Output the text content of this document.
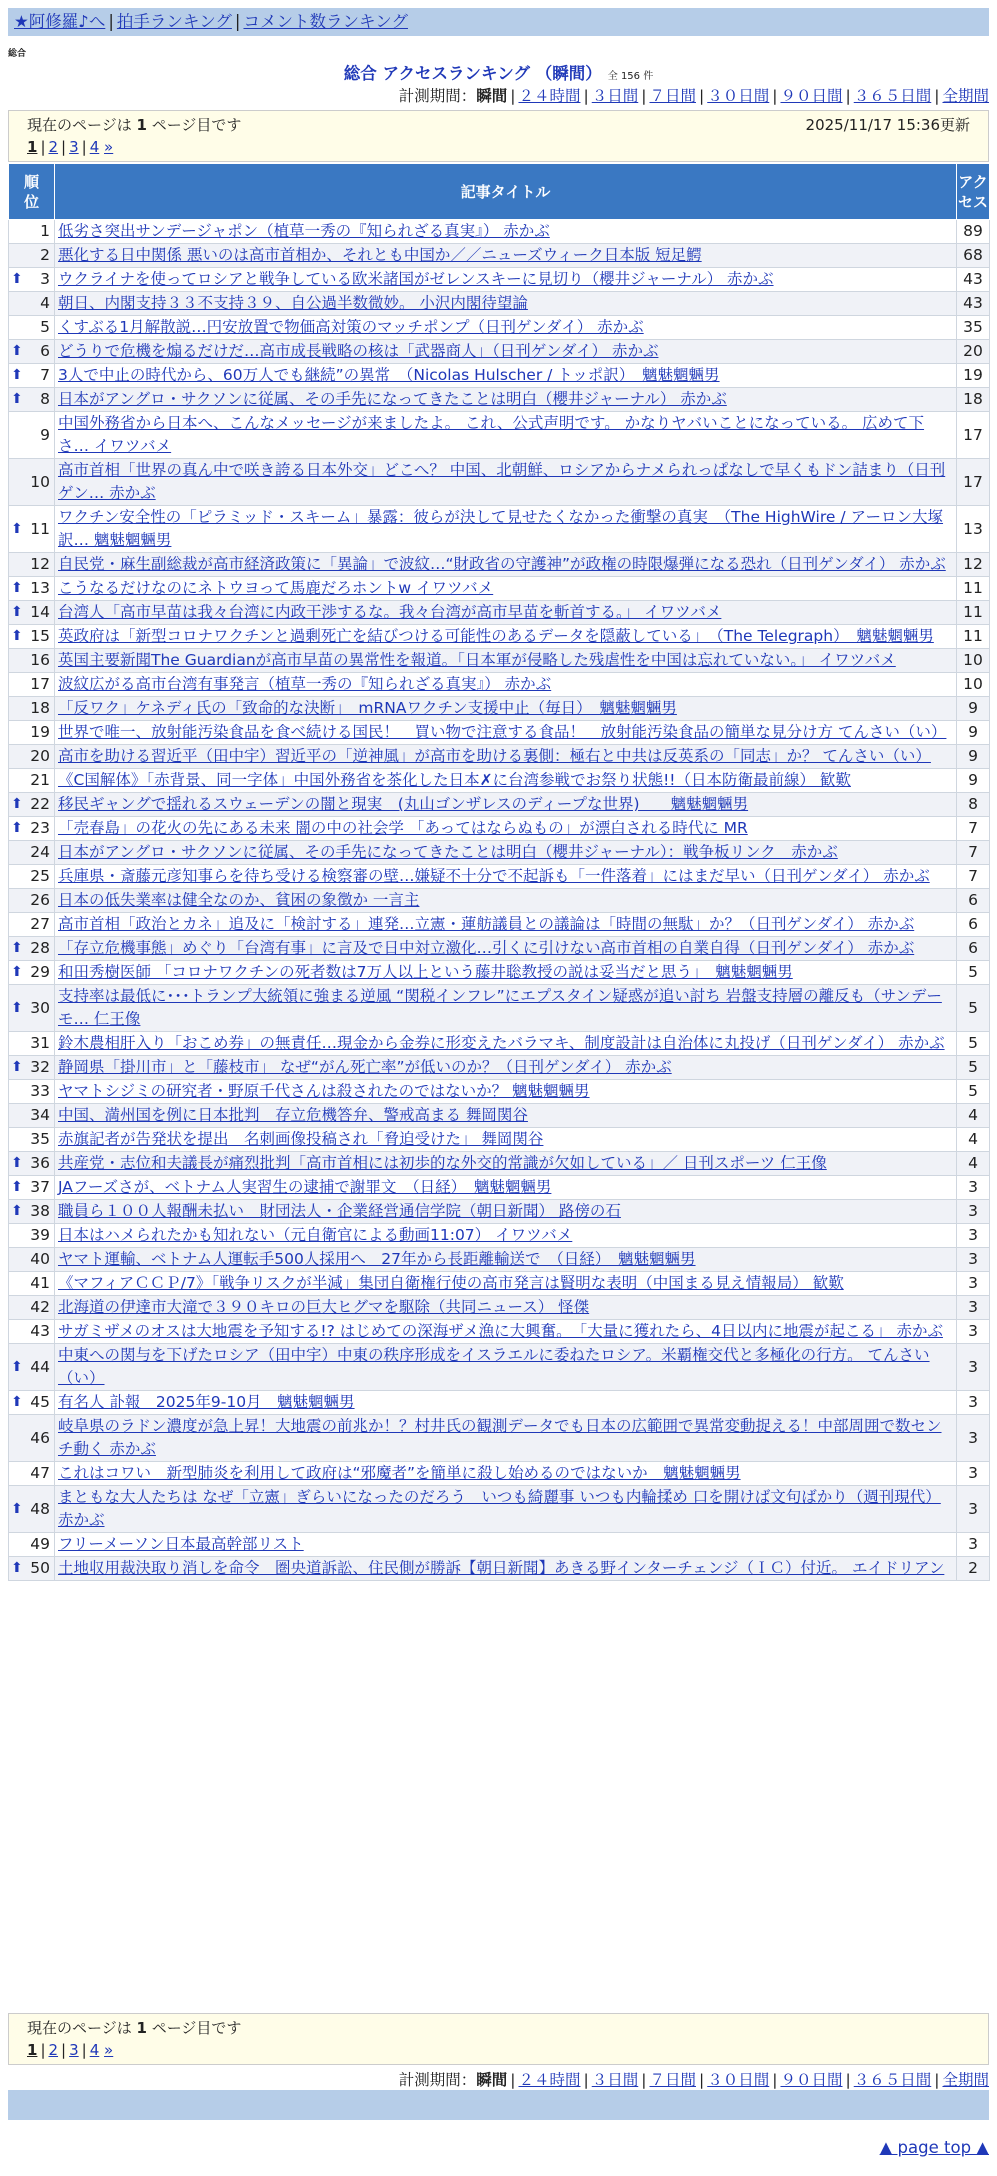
★阿修羅♪へ | 拍手ランキング | コメント数ランキング
総合
総合 アクセスランキング （瞬間） 全 156 件
計測期間：瞬間 | ２４時間 | ３日間 | ７日間 | ３０日間 | ９０日間 | ３６５日間 | 全期間
現在のページは 1 ページ目です	2025/11/17 15:36更新
1 | 2 | 3 | 4 »
順位	記事タイトル	アクセス
1	低劣さ突出サンデージャポン（植草一秀の『知られざる真実』） 赤かぶ	89
2	悪化する日中関係 悪いのは高市首相か、それとも中国か／／ニューズウィーク日本版 短足鰐	68

⬆ 3	ウクライナを使ってロシアと戦争している欧米諸国がゼレンスキーに見切り（櫻井ジャーナル） 赤かぶ	43
4	朝日、内閣支持３３不支持３９、自公過半数微妙。 小沢内閣待望論	43
5	くすぶる1月解散説…円安放置で物価高対策のマッチポンプ（日刊ゲンダイ） 赤かぶ	35

⬆ 6	どうりで危機を煽るだけだ…高市成長戦略の核は「武器商人」（日刊ゲンダイ） 赤かぶ	20

⬆ 7	3人で中止の時代から、60万人でも継続”の異常　（Nicolas Hulscher / トッポ訳）　魑魅魍魎男	19

⬆ 8	日本がアングロ・サクソンに従属、その手先になってきたことは明白（櫻井ジャーナル） 赤かぶ	18
9	中国外務省から日本へ、こんなメッセージが来ましたよ。 これ、公式声明です。 かなりヤバいことになっている。 広めて下さ… イワツバメ	17
10	高市首相「世界の真ん中で咲き誇る日本外交」どこへ？ 中国、北朝鮮、ロシアからナメられっぱなしで早くもドン詰まり（日刊ゲン… 赤かぶ	17

⬆ 11	ワクチン安全性の「ピラミッド・スキーム」暴露：彼らが決して見せたくなかった衝撃の真実　（The HighWire / アーロン大塚訳… 魑魅魍魎男	13
12	自民党・麻生副総裁が高市経済政策に「異論」で波紋…“財政省の守護神”が政権の時限爆弾になる恐れ（日刊ゲンダイ） 赤かぶ	12

⬆ 13	こうなるだけなのにネトウヨって馬鹿だろホントw イワツバメ	11

⬆ 14	台湾人「高市早苗は我々台湾に内政干渉するな。我々台湾が高市早苗を斬首する。」 イワツバメ	11

⬆ 15	英政府は「新型コロナワクチンと過剰死亡を結びつける可能性のあるデータを隠蔽している」　（The Telegraph）　魑魅魍魎男	11
16	英国主要新聞The Guardianが高市早苗の異常性を報道。「日本軍が侵略した残虐性を中国は忘れていない。」 イワツバメ	10
17	波紋広がる高市台湾有事発言（植草一秀の『知られざる真実』） 赤かぶ	10
18	「反ワク」ケネディ氏の「致命的な決断」　mRNAワクチン支援中止（毎日）　魑魅魍魎男	9
19	世界で唯一、放射能汚染食品を食べ続ける国民！　買い物で注意する食品！　放射能汚染食品の簡単な見分け方 てんさい（い）	9
20	高市を助ける習近平（田中宇）習近平の「逆神風」が高市を助ける裏側：極右と中共は反英系の「同志」か？ てんさい（い）	9
21	《C国解体》「赤背景、同一字体」中国外務省を茶化した日本✗に台湾参戦でお祭り状態!!（日本防衛最前線） 歓歎	9

⬆ 22	移民ギャングで揺れるスウェーデンの闇と現実　(丸山ゴンザレスのディープな世界)　　魑魅魍魎男	8

⬆ 23	「売春島」の花火の先にある未来 闇の中の社会学 「あってはならぬもの」が漂白される時代に MR	7
24	日本がアングロ・サクソンに従属、その手先になってきたことは明白（櫻井ジャーナル）：戦争板リンク　赤かぶ	7
25	兵庫県・斎藤元彦知事らを待ち受ける検察審の壁…嫌疑不十分で不起訴も「一件落着」にはまだ早い（日刊ゲンダイ） 赤かぶ	7
26	日本の低失業率は健全なのか、貧困の象徴か 一言主	6
27	高市首相「政治とカネ」追及に「検討する」連発…立憲・蓮舫議員との議論は「時間の無駄」か？（日刊ゲンダイ） 赤かぶ	6

⬆ 28	「存立危機事態」めぐり「台湾有事」に言及で日中対立激化…引くに引けない高市首相の自業自得（日刊ゲンダイ） 赤かぶ	6

⬆ 29	和田秀樹医師 「コロナワクチンの死者数は7万人以上という藤井聡教授の説は妥当だと思う」　魑魅魍魎男	5

⬆ 30	支持率は最低に･･･トランプ大統領に強まる逆風 “関税インフレ”にエプスタイン疑惑が追い討ち 岩盤支持層の離反も（サンデーモ… 仁王像	5
31	鈴木農相肝入り「おこめ券」の無責任…現金から金券に形変えたバラマキ、制度設計は自治体に丸投げ（日刊ゲンダイ） 赤かぶ	5

⬆ 32	静岡県「掛川市」と「藤枝市」 なぜ“がん死亡率”が低いのか？（日刊ゲンダイ） 赤かぶ	5
33	ヤマトシジミの研究者・野原千代さんは殺されたのではないか？ 魑魅魍魎男	5
34	中国、満州国を例に日本批判　存立危機答弁、警戒高まる 舞岡関谷	4
35	赤旗記者が告発状を提出　名刺画像投稿され「脅迫受けた」 舞岡関谷	4

⬆ 36	共産党・志位和夫議長が痛烈批判「高市首相には初歩的な外交的常識が欠如している」／ 日刊スポーツ 仁王像	4

⬆ 37	JAフーズさが、ベトナム人実習生の逮捕で謝罪文　（日経）　魑魅魍魎男	3

⬆ 38	職員ら１００人報酬未払い　財団法人・企業経営通信学院（朝日新聞） 路傍の石	3
39	日本はハメられたかも知れない（元自衛官による動画11:07） イワツバメ	3
40	ヤマト運輸、ベトナム人運転手500人採用へ　27年から長距離輸送で　（日経）　魑魅魍魎男	3
41	《マフィアＣＣＰ/7》「戦争リスクが半減」集団自衛権行使の高市発言は賢明な表明（中国まる見え情報局） 歓歎	3
42	北海道の伊達市大滝で３９０キロの巨大ヒグマを駆除（共同ニュース） 怪傑	3
43	サガミザメのオスは大地震を予知する!? はじめての深海ザメ漁に大興奮。　「大量に獲れたら、4日以内に地震が起こる」 赤かぶ	3

⬆ 44	中東への関与を下げたロシア（田中宇）中東の秩序形成をイスラエルに委ねたロシア。米覇権交代と多極化の行方。 てんさい（い）	3

⬆ 45	有名人 訃報　2025年9-10月　魑魅魍魎男	3
46	岐阜県のラドン濃度が急上昇！大地震の前兆か！？村井氏の観測データでも日本の広範囲で異常変動捉える！中部周囲で数センチ動く 赤かぶ	3
47	これはコワい　新型肺炎を利用して政府は“邪魔者”を簡単に殺し始めるのではないか　魑魅魍魎男	3

⬆ 48	まともな大人たちは なぜ「立憲」ぎらいになったのだろう　いつも綺麗事 いつも内輪揉め 口を開けば文句ばかり（週刊現代） 赤かぶ	3
49	フリーメーソン日本最高幹部リスト	3

⬆ 50	土地収用裁決取り消しを命令　圏央道訴訟、住民側が勝訴【朝日新聞】あきる野インターチェンジ（ＩＣ）付近。 エイドリアン	2
現在のページは 1 ページ目です
1 | 2 | 3 | 4 »
計測期間：瞬間 | ２４時間 | ３日間 | ７日間 | ３０日間 | ９０日間 | ３６５日間 | 全期間
▲ page top ▲
